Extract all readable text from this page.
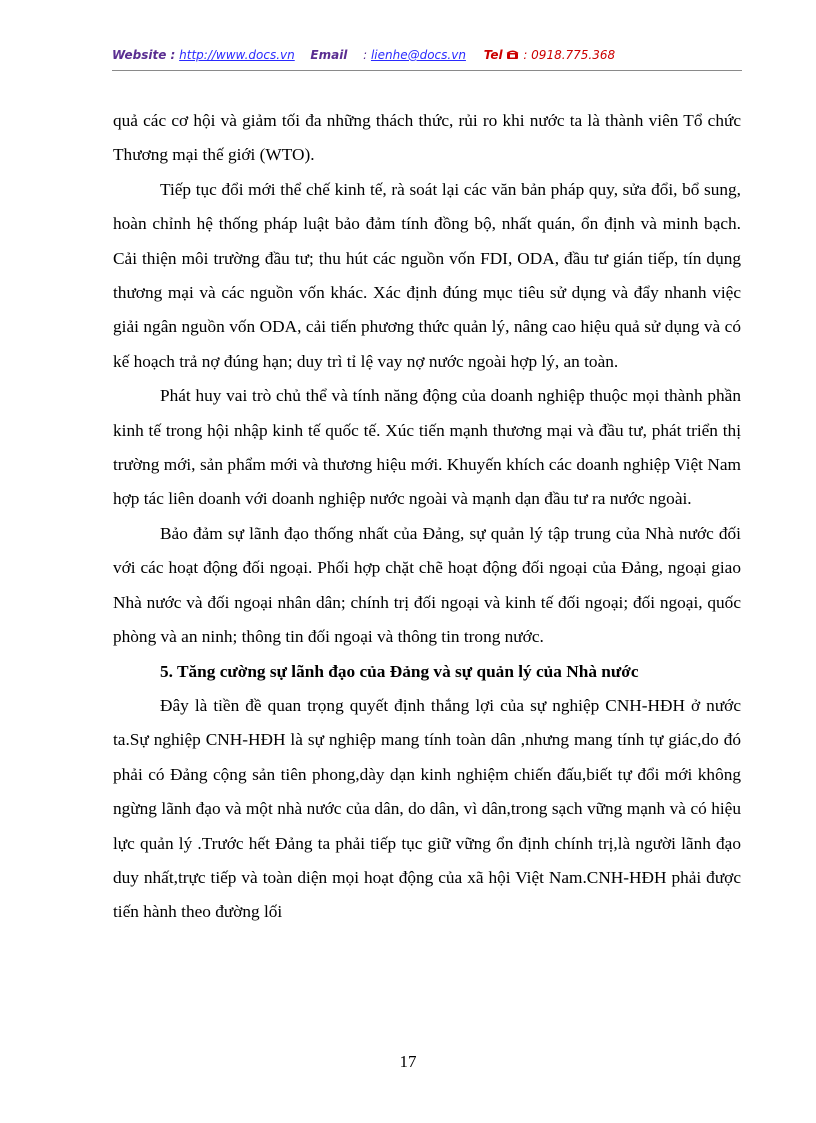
Website : http://www.docs.vn Email : lienhe@docs.vn Tel : 0918.775.368

quả các cơ hội và giảm tối đa những thách thức, rủi ro khi nước ta là thành viên Tổ chức Thương mại thế giới (WTO).

Tiếp tục đổi mới thể chế kinh tế, rà soát lại các văn bản pháp quy, sửa đổi, bổ sung, hoàn chỉnh hệ thống pháp luật bảo đảm tính đồng bộ, nhất quán, ổn định và minh bạch. Cải thiện môi trường đầu tư; thu hút các nguồn vốn FDI, ODA, đầu tư gián tiếp, tín dụng thương mại và các nguồn vốn khác. Xác định đúng mục tiêu sử dụng và đẩy nhanh việc giải ngân nguồn vốn ODA, cải tiến phương thức quản lý, nâng cao hiệu quả sử dụng và có kế hoạch trả nợ đúng hạn; duy trì tỉ lệ vay nợ nước ngoài hợp lý, an toàn.

Phát huy vai trò chủ thể và tính năng động của doanh nghiệp thuộc mọi thành phần kinh tế trong hội nhập kinh tế quốc tế. Xúc tiến mạnh thương mại và đầu tư, phát triển thị trường mới, sản phẩm mới và thương hiệu mới. Khuyến khích các doanh nghiệp Việt Nam hợp tác liên doanh với doanh nghiệp nước ngoài và mạnh dạn đầu tư ra nước ngoài.

Bảo đảm sự lãnh đạo thống nhất của Đảng, sự quản lý tập trung của Nhà nước đối với các hoạt động đối ngoại. Phối hợp chặt chẽ hoạt động đối ngoại của Đảng, ngoại giao Nhà nước và đối ngoại nhân dân; chính trị đối ngoại và kinh tế đối ngoại; đối ngoại, quốc phòng và an ninh; thông tin đối ngoại và thông tin trong nước.

5. Tăng cường sự lãnh đạo của Đảng và sự quản lý của Nhà nước

Đây là tiền đề quan trọng quyết định thắng lợi của sự nghiệp CNH-HĐH ở nước ta.Sự nghiệp CNH-HĐH là sự nghiệp mang tính toàn dân ,nhưng mang tính tự giác,do đó phải có Đảng cộng sản tiên phong,dày dạn kinh nghiệm chiến đấu,biết tự đổi mới không ngừng lãnh đạo và một nhà nước của dân, do dân, vì dân,trong sạch vững mạnh và có hiệu lực quản lý .Trước hết Đảng ta phải tiếp tục giữ vững ổn định chính trị,là người lãnh đạo duy nhất,trực tiếp và toàn diện mọi hoạt động của xã hội Việt Nam.CNH-HĐH phải được tiến hành theo đường lối

17
